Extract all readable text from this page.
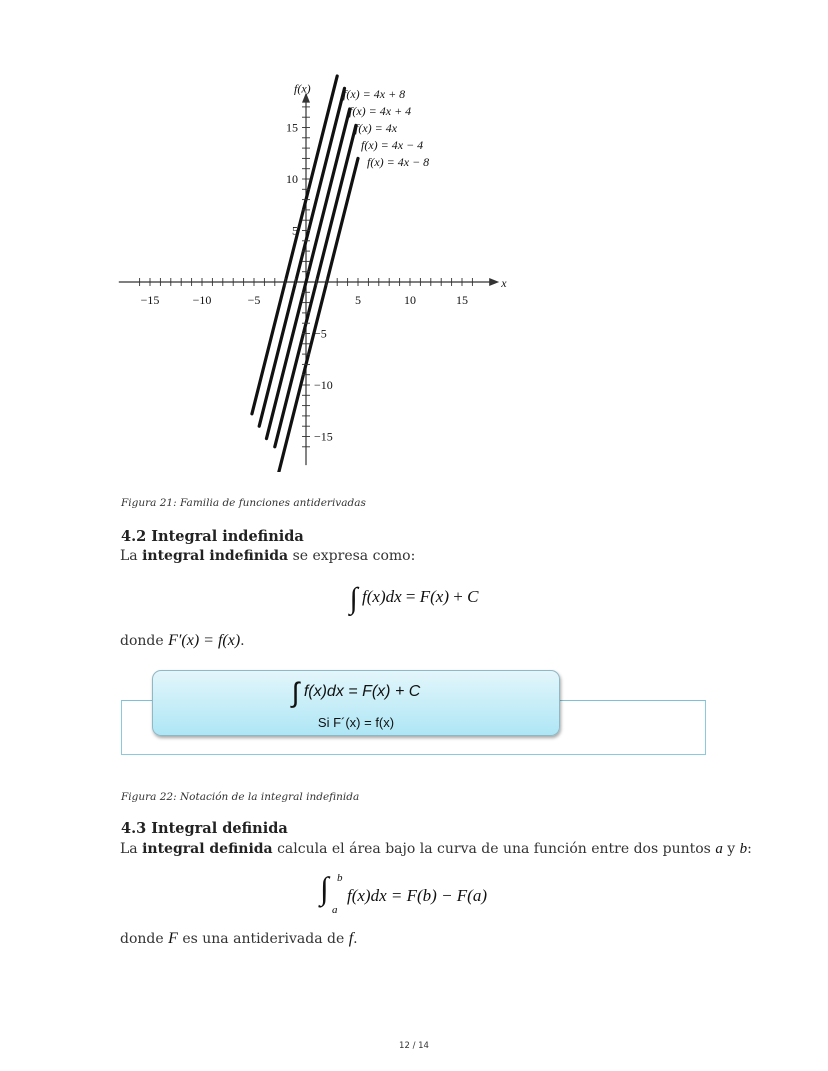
x
f(x)
−15	−10	−5	5	10	15
15
10
5
−5
−10
−15
f(x) = 4x + 8
f(x) = 4x + 4
f(x) = 4x
f(x) = 4x − 4
f(x) = 4x − 8
Figura 21: Familia de funciones antiderivadas
4.2 Integral indefinida
La integral indefinida se expresa como:
∫ f(x)dx = F(x) + C
donde F′(x) = f(x).
∫ f(x)dx = F(x) + C
Si F´(x) = f(x)
Figura 22: Notación de la integral indefinida
4.3 Integral definida
La integral definida calcula el área bajo la curva de una función entre dos puntos a y b:
∫ b
a
f(x)dx = F(b) − F(a)
donde F es una antiderivada de f.
12 / 14
